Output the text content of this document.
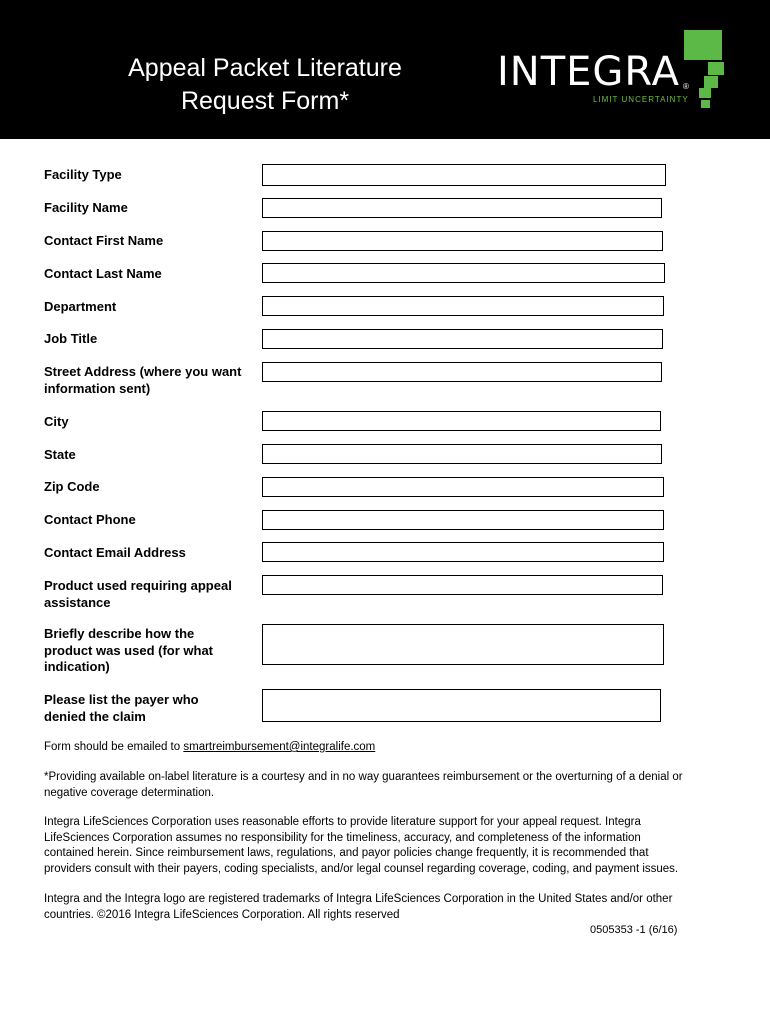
Appeal Packet Literature
Request Form*
INTEGRA ®
LIMIT UNCERTAINTY
Facility Type
Facility Name
Contact First Name
Contact Last Name
Department
Job Title
Street Address (where you want
information sent)
City
State
Zip Code
Contact Phone
Contact Email Address
Product used requiring appeal
assistance
Briefly describe how the
product was used (for what
indication)
Please list the payer who
denied the claim
Form should be emailed to smartreimbursement@integralife.com
*Providing available on-label literature is a courtesy and in no way guarantees reimbursement or the overturning of a denial or
negative coverage determination.
Integra LifeSciences Corporation uses reasonable efforts to provide literature support for your appeal request. Integra
LifeSciences Corporation assumes no responsibility for the timeliness, accuracy, and completeness of the information
contained herein. Since reimbursement laws, regulations, and payor policies change frequently, it is recommended that
providers consult with their payers, coding specialists, and/or legal counsel regarding coverage, coding, and payment issues.
Integra and the Integra logo are registered trademarks of Integra LifeSciences Corporation in the United States and/or other
countries. ©2016 Integra LifeSciences Corporation. All rights reserved
0505353 -1 (6/16)
